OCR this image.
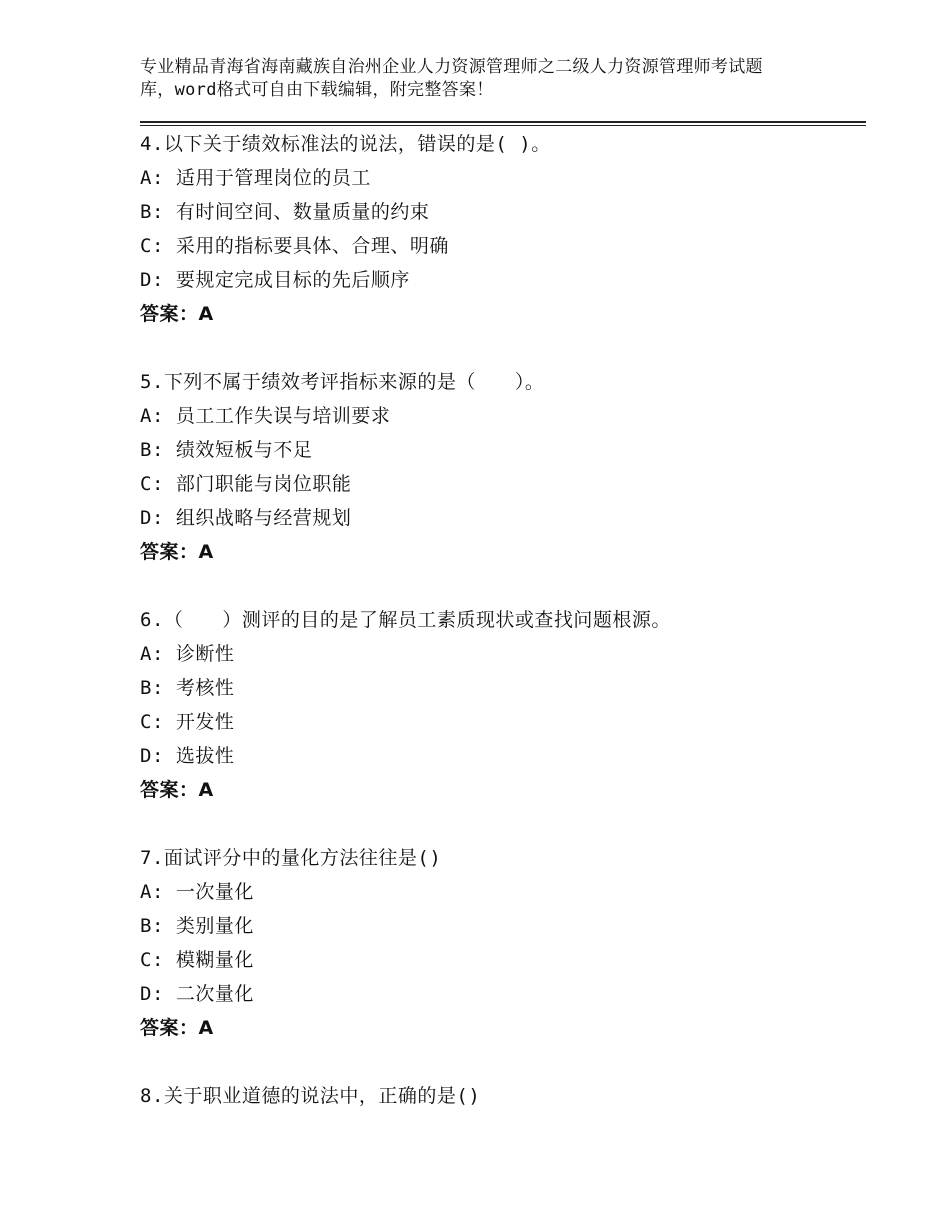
专业精品青海省海南藏族自治州企业人力资源管理师之二级人力资源管理师考试题
库，word格式可自由下载编辑，附完整答案！
4.以下关于绩效标准法的说法，错误的是( )。
A: 适用于管理岗位的员工
B: 有时间空间、数量质量的约束
C: 采用的指标要具体、合理、明确
D: 要规定完成目标的先后顺序
答案：A
5.下列不属于绩效考评指标来源的是（　　）。
A: 员工工作失误与培训要求
B: 绩效短板与不足
C: 部门职能与岗位职能
D: 组织战略与经营规划
答案：A
6.（　　）测评的目的是了解员工素质现状或查找问题根源。
A: 诊断性
B: 考核性
C: 开发性
D: 选拔性
答案：A
7.面试评分中的量化方法往往是()
A: 一次量化
B: 类别量化
C: 模糊量化
D: 二次量化
答案：A
8.关于职业道德的说法中，正确的是()
